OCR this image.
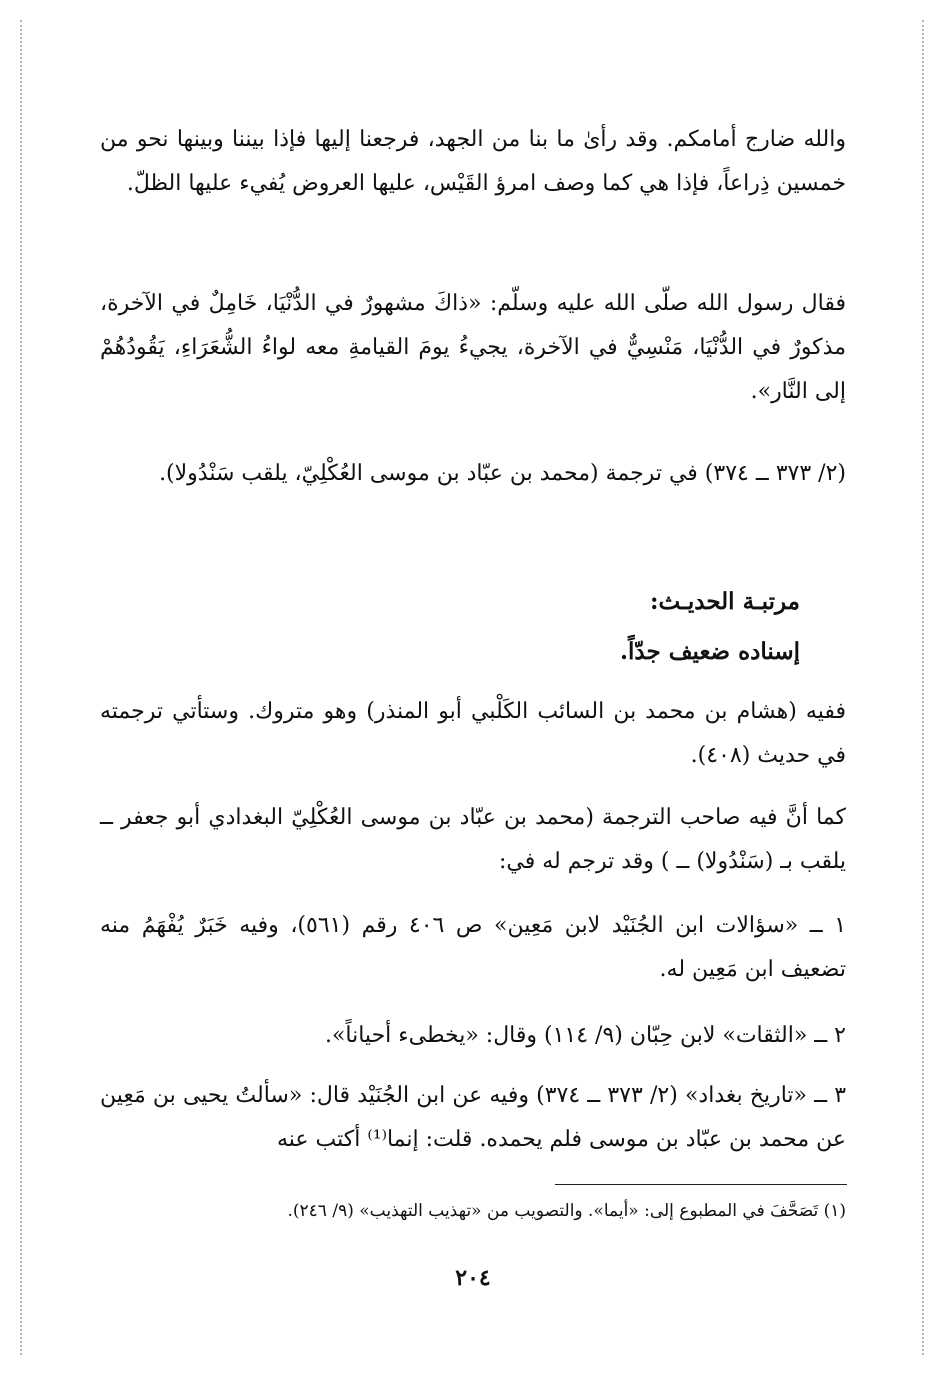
والله ضارج أمامكم. وقد رأىٰ ما بنا من الجهد، فرجعنا إليها فإذا بيننا وبينها نحو من خمسين ذِراعاً، فإذا هي كما وصف امرؤ القَيْس، عليها العروض يُفيء عليها الظلّ.

فقال رسول الله صلّى الله عليه وسلّم: «ذاكَ مشهورٌ في الدُّنْيَا، خَامِلٌ في الآخرة، مذكورٌ في الدُّنْيَا، مَنْسِيٌّ في الآخرة، يجيءُ يومَ القيامةِ معه لواءُ الشُّعَرَاءِ، يَقُودُهُمْ إلى النَّار».

(٢/ ٣٧٣ ــ ٣٧٤) في ترجمة (محمد بن عبّاد بن موسى العُكْلِيّ، يلقب سَنْدُولا).

مرتبـة الحديـث:

إسناده ضعيف جدّاً.

ففيه (هشام بن محمد بن السائب الكَلْبي أبو المنذر) وهو متروك. وستأتي ترجمته في حديث (٤٠٨).

كما أنَّ فيه صاحب الترجمة (محمد بن عبّاد بن موسى العُكْلِيّ البغدادي أبو جعفر ــ يلقب بـ (سَنْدُولا) ــ ) وقد ترجم له في:

١ ــ «سؤالات ابن الجُنَيْد لابن مَعِين» ص ٤٠٦ رقم (٥٦١)، وفيه خَبَرٌ يُفْهَمُ منه تضعيف ابن مَعِين له.

٢ ــ «الثقات» لابن حِبّان (٩/ ١١٤) وقال: «يخطىء أحياناً».

٣ ــ «تاريخ بغداد» (٢/ ٣٧٣ ــ ٣٧٤) وفيه عن ابن الجُنَيْد قال: «سألتُ يحيى بن مَعِين عن محمد بن عبّاد بن موسى فلم يحمده. قلت: إنما⁽¹⁾ أكتب عنه

(١) تَصَحَّفَ في المطبوع إلى: «أيما». والتصويب من «تهذيب التهذيب» (٩/ ٢٤٦).

٢٠٤
